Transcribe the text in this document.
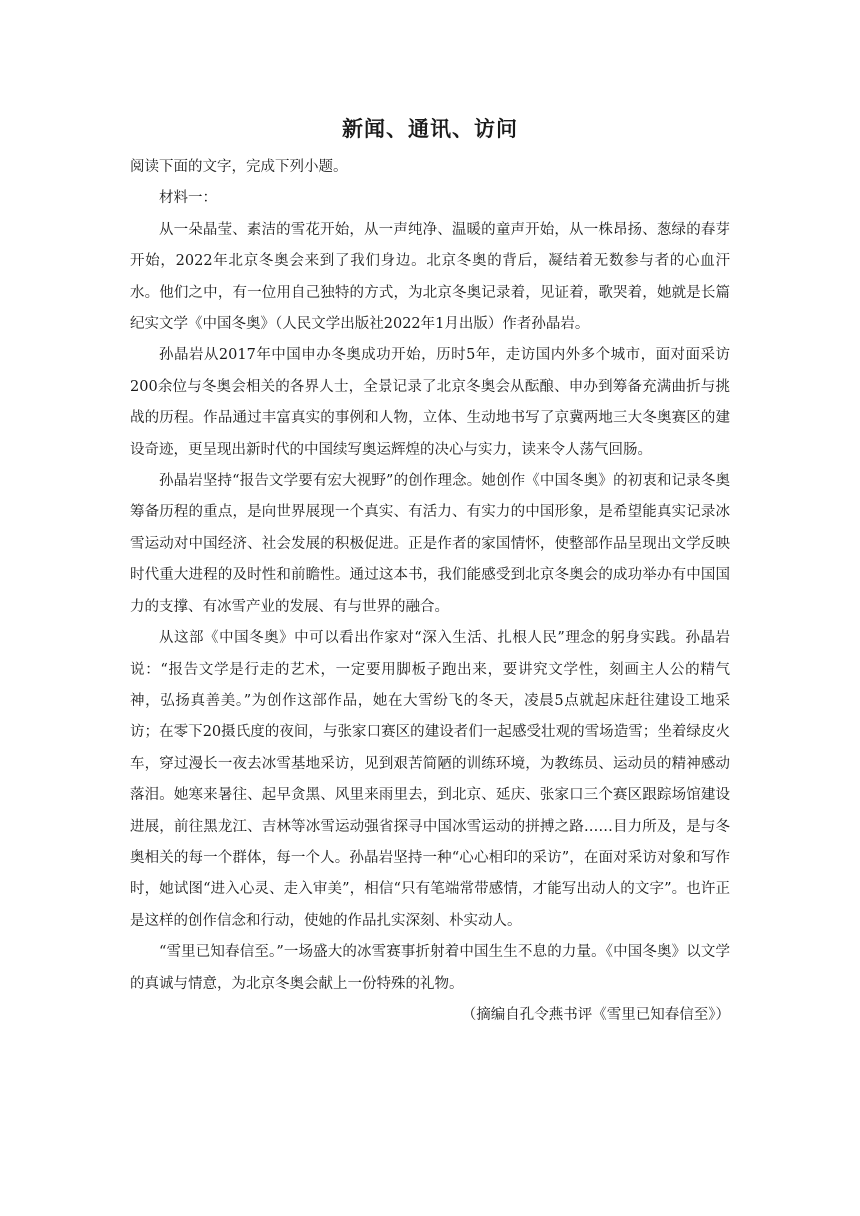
新闻、通讯、访问

阅读下面的文字，完成下列小题。

材料一：

从一朵晶莹、素洁的雪花开始，从一声纯净、温暖的童声开始，从一株昂扬、葱绿的春芽开始，2022年北京冬奥会来到了我们身边。北京冬奥的背后，凝结着无数参与者的心血汗水。他们之中，有一位用自己独特的方式，为北京冬奥记录着，见证着，歌哭着，她就是长篇纪实文学《中国冬奥》（人民文学出版社2022年1月出版）作者孙晶岩。

孙晶岩从2017年中国申办冬奥成功开始，历时5年，走访国内外多个城市，面对面采访200余位与冬奥会相关的各界人士，全景记录了北京冬奥会从酝酿、申办到筹备充满曲折与挑战的历程。作品通过丰富真实的事例和人物，立体、生动地书写了京冀两地三大冬奥赛区的建设奇迹，更呈现出新时代的中国续写奥运辉煌的决心与实力，读来令人荡气回肠。

孙晶岩坚持“报告文学要有宏大视野”的创作理念。她创作《中国冬奥》的初衷和记录冬奥筹备历程的重点，是向世界展现一个真实、有活力、有实力的中国形象，是希望能真实记录冰雪运动对中国经济、社会发展的积极促进。正是作者的家国情怀，使整部作品呈现出文学反映时代重大进程的及时性和前瞻性。通过这本书，我们能感受到北京冬奥会的成功举办有中国国力的支撑、有冰雪产业的发展、有与世界的融合。

从这部《中国冬奥》中可以看出作家对“深入生活、扎根人民”理念的躬身实践。孙晶岩说：“报告文学是行走的艺术，一定要用脚板子跑出来，要讲究文学性，刻画主人公的精气神，弘扬真善美。”为创作这部作品，她在大雪纷飞的冬天，凌晨5点就起床赶往建设工地采访；在零下20摄氏度的夜间，与张家口赛区的建设者们一起感受壮观的雪场造雪；坐着绿皮火车，穿过漫长一夜去冰雪基地采访，见到艰苦简陋的训练环境，为教练员、运动员的精神感动落泪。她寒来暑往、起早贪黑、风里来雨里去，到北京、延庆、张家口三个赛区跟踪场馆建设进展，前往黑龙江、吉林等冰雪运动强省探寻中国冰雪运动的拼搏之路……目力所及，是与冬奥相关的每一个群体，每一个人。孙晶岩坚持一种“心心相印的采访”，在面对采访对象和写作时，她试图“进入心灵、走入审美”，相信“只有笔端常带感情，才能写出动人的文字”。也许正是这样的创作信念和行动，使她的作品扎实深刻、朴实动人。

“雪里已知春信至。”一场盛大的冰雪赛事折射着中国生生不息的力量。《中国冬奥》以文学的真诚与情意，为北京冬奥会献上一份特殊的礼物。

（摘编自孔令燕书评《雪里已知春信至》）
